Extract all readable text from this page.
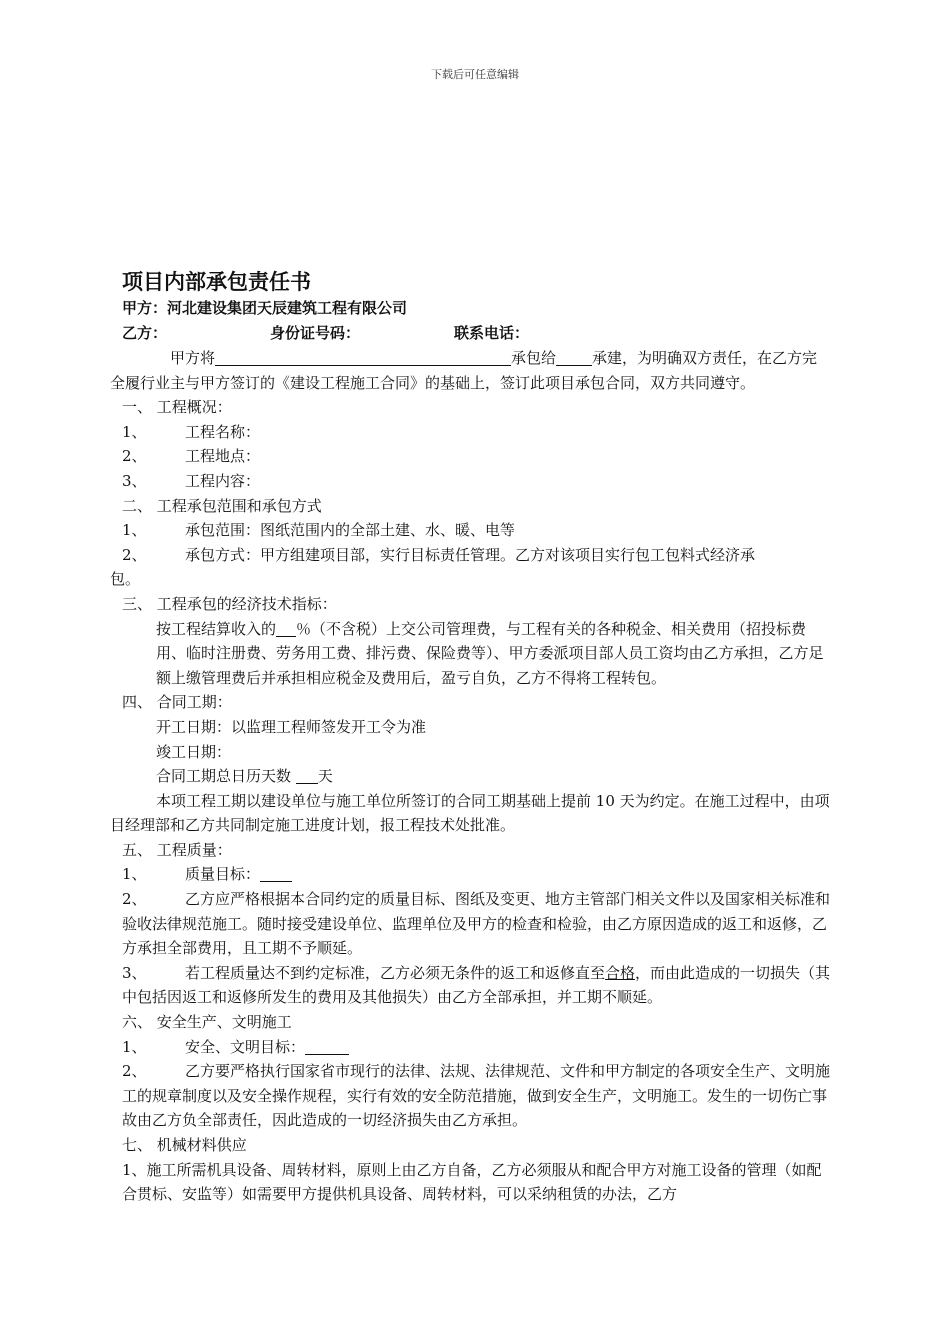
下载后可任意编辑
项目内部承包责任书
甲方：河北建设集团天辰建筑工程有限公司
乙方：	身份证号码：	联系电话：

甲方将	承包给 承建，为明确双方责任，在乙方完全履行业主与甲方签订的《建设工程施工合同》的基础上，签订此项目承包合同，双方共同遵守。

一、 工程概况：

1、	工程名称：
2、	工程地点：
3、	工程内容：

二、 工程承包范围和承包方式

1、	承包范围：图纸范围内的全部土建、水、暖、电等
2、	承包方式：甲方组建项目部，实行目标责任管理。乙方对该项目实行包工包料式经济承

包。

三、 工程承包的经济技术指标：

按工程结算收入的 ％（不含税）上交公司管理费，与工程有关的各种税金、相关费用（招投标费用、临时注册费、劳务用工费、排污费、保险费等）、甲方委派项目部人员工资均由乙方承担，乙方足额上缴管理费后并承担相应税金及费用后，盈亏自负，乙方不得将工程转包。

四、 合同工期：

开工日期：以监理工程师签发开工令为准

竣工日期：

合同工期总日历天数 天

本项工程工期以建设单位与施工单位所签订的合同工期基础上提前 10 天为约定。在施工过程中，由项目经理部和乙方共同制定施工进度计划，报工程技术处批准。

五、 工程质量：

1、	质量目标：

2、	乙方应严格根据本合同约定的质量目标、图纸及变更、地方主管部门相关文件以及国家相关标准和验收法律规范施工。随时接受建设单位、监理单位及甲方的检查和检验，由乙方原因造成的返工和返修，乙方承担全部费用，且工期不予顺延。

3、	若工程质量达不到约定标准，乙方必须无条件的返工和返修直至合格，而由此造成的一切损失（其中包括因返工和返修所发生的费用及其他损失）由乙方全部承担，并工期不顺延。

六、 安全生产、文明施工

1、	安全、文明目标：

2、	乙方要严格执行国家省市现行的法律、法规、法律规范、文件和甲方制定的各项安全生产、文明施工的规章制度以及安全操作规程，实行有效的安全防范措施，做到安全生产，文明施工。发生的一切伤亡事故由乙方负全部责任，因此造成的一切经济损失由乙方承担。

七、 机械材料供应

1、施工所需机具设备、周转材料，原则上由乙方自备，乙方必须服从和配合甲方对施工设备的管理（如配合贯标、安监等）如需要甲方提供机具设备、周转材料，可以采纳租赁的办法，乙方
